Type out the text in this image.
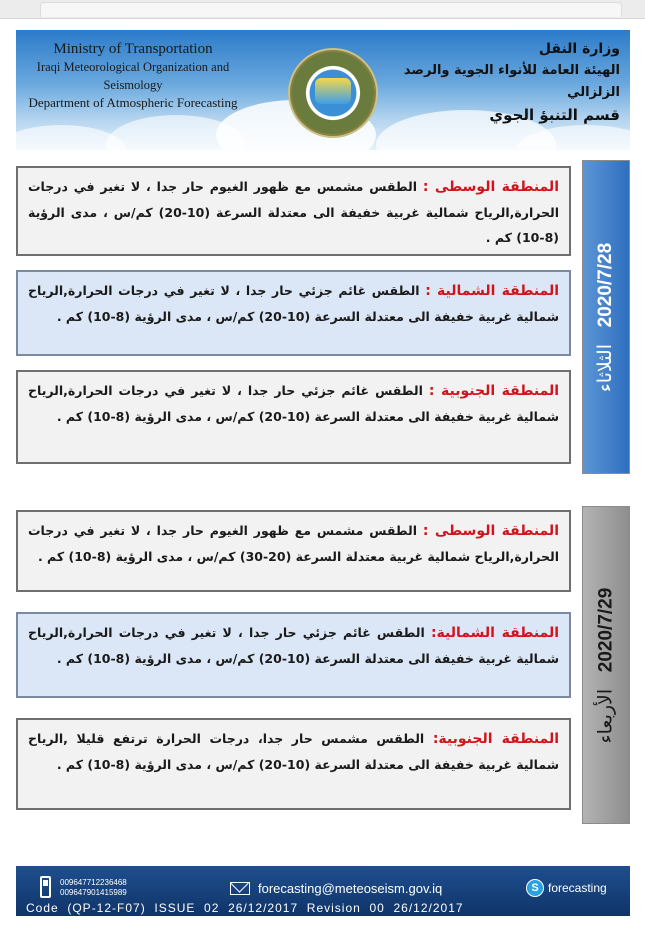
Ministry of Transportation
Iraqi Meteorological Organization and Seismology
Department of Atmospheric Forecasting
وزارة النقل
الهيئة العامة للأنواء الجوية والرصد الزلزالي
قسم التنبؤ الجوي
2020/7/28 الثلاثاء
المنطقة الوسطى : الطقس مشمس مع ظهور الغيوم حار جدا ، لا تغير في درجات الحرارة,الرياح شمالية غربية خفيفة الى معتدلة السرعة (10-20) كم/س ، مدى الرؤية (8-10) كم .
المنطقة الشمالية : الطقس غائم جزئي حار جدا ، لا تغير في درجات الحرارة,الرياح شمالية غربية خفيفة الى معتدلة السرعة (10-20) كم/س ، مدى الرؤية (8-10) كم .
المنطقة الجنوبية : الطقس غائم جزئي حار جدا ، لا تغير في درجات الحرارة,الرياح شمالية غربية خفيفة الى معتدلة السرعة (10-20) كم/س ، مدى الرؤية (8-10) كم .
2020/7/29 الأربعاء
المنطقة الوسطى : الطقس مشمس مع ظهور الغيوم حار جدا ، لا تغير في درجات الحرارة,الرياح شمالية غربية معتدلة السرعة (20-30) كم/س ، مدى الرؤية (8-10) كم .
المنطقة الشمالية: الطقس غائم جزئي حار جدا ، لا تغير في درجات الحرارة,الرياح شمالية غربية خفيفة الى معتدلة السرعة (10-20) كم/س ، مدى الرؤية (8-10) كم .
المنطقة الجنوبية: الطقس مشمس حار جدا، درجات الحرارة ترتفع قليلا ,الرياح شمالية غربية خفيفة الى معتدلة السرعة (10-20) كم/س ، مدى الرؤية (8-10) كم .
009647712236468
009647901415989	forecasting@meteoseism.gov.iq	S forecasting
Code  (QP-12-F07)  ISSUE  02  26/12/2017  Revision  00  26/12/2017
